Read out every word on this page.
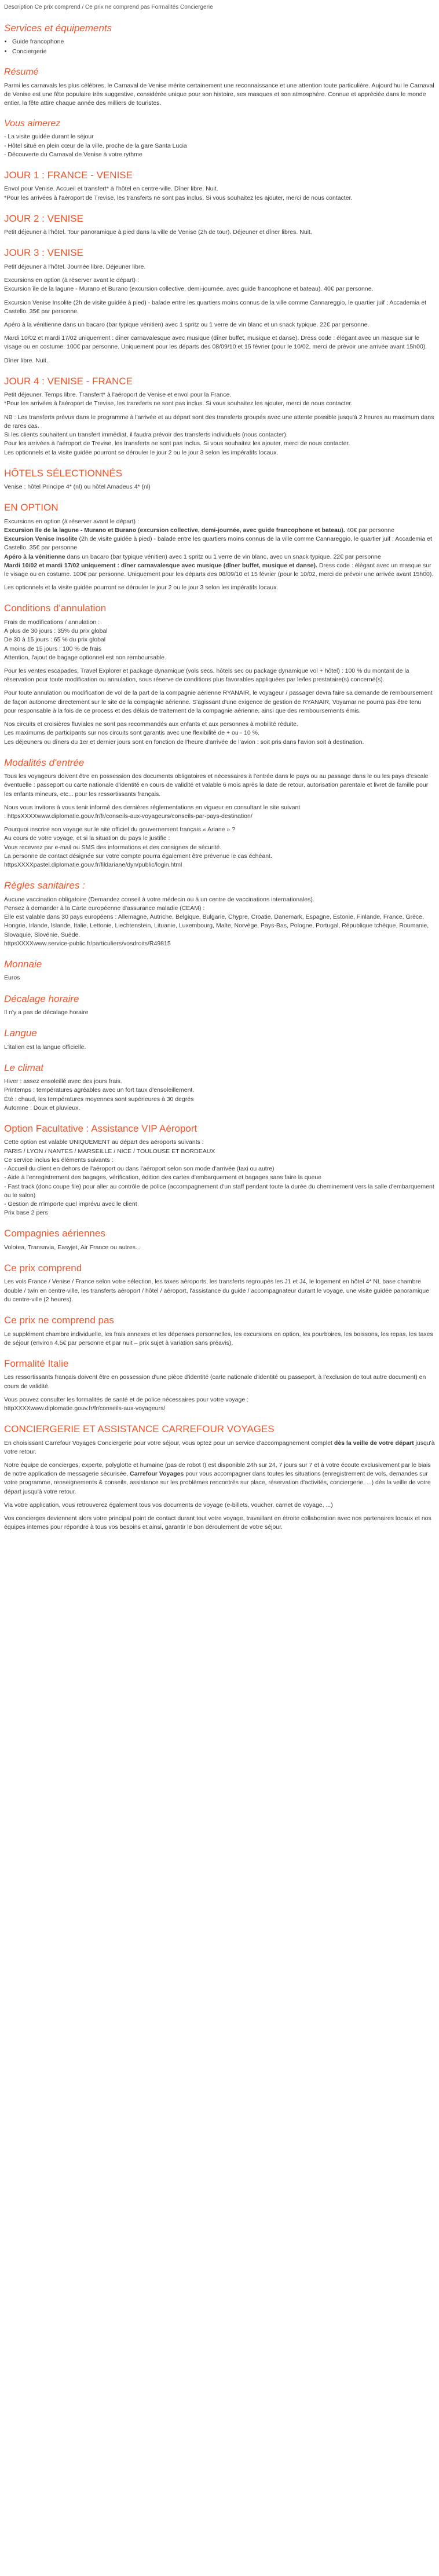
Description Ce prix comprend / Ce prix ne comprend pas Formalités Conciergerie

Services et équipements
• Guide francophone
• Conciergerie
Résumé

Parmi les carnavals les plus célèbres, le Carnaval de Venise mérite certainement une reconnaissance et une attention toute particulière. Aujourd'hui le Carnaval de Venise est une fête populaire très suggestive, considérée unique pour son histoire, ses masques et son atmosphère. Connue et appréciée dans le monde entier, la fête attire chaque année des milliers de touristes.

Vous aimerez

- La visite guidée durant le séjour
- Hôtel situé en plein cœur de la ville, proche de la gare Santa Lucia
- Découverte du Carnaval de Venise à votre rythme

JOUR 1 : FRANCE - VENISE

Envol pour Venise. Accueil et transfert* à l'hôtel en centre-ville. Dîner libre. Nuit.
*Pour les arrivées à l'aéroport de Trevise, les transferts ne sont pas inclus. Si vous souhaitez les ajouter, merci de nous contacter.

JOUR 2 : VENISE

Petit déjeuner à l'hôtel. Tour panoramique à pied dans la ville de Venise (2h de tour). Déjeuner et dîner libres. Nuit.

JOUR 3 : VENISE

Petit déjeuner à l'hôtel. Journée libre. Déjeuner libre.

Excursions en option (à réserver avant le départ) :
Excursion île de la lagune - Murano et Burano (excursion collective, demi-journée, avec guide francophone et bateau). 40€ par personne.

Excursion Venise Insolite (2h de visite guidée à pied) - balade entre les quartiers moins connus de la ville comme Cannareggio, le quartier juif ; Accademia et Castello. 35€ par personne.

Apéro à la vénitienne dans un bacaro (bar typique vénitien) avec 1 spritz ou 1 verre de vin blanc et un snack typique. 22€ par personne.

Mardi 10/02 et mardi 17/02 uniquement : dîner carnavalesque avec musique (dîner buffet, musique et danse). Dress code : élégant avec un masque sur le visage ou en costume. 100€ par personne. Uniquement pour les départs des 08/09/10 et 15 février (pour le 10/02, merci de prévoir une arrivée avant 15h00).

Dîner libre. Nuit.

JOUR 4 : VENISE - FRANCE

Petit déjeuner. Temps libre. Transfert* à l'aéroport de Venise et envol pour la France.
*Pour les arrivées à l'aéroport de Trevise, les transferts ne sont pas inclus. Si vous souhaitez les ajouter, merci de nous contacter.

NB : Les transferts prévus dans le programme à l'arrivée et au départ sont des transferts groupés avec une attente possible jusqu'à 2 heures au maximum dans de rares cas.
Si les clients souhaitent un transfert immédiat, il faudra prévoir des transferts individuels (nous contacter).
Pour les arrivées à l'aéroport de Trevise, les transferts ne sont pas inclus. Si vous souhaitez les ajouter, merci de nous contacter.
Les optionnels et la visite guidée pourront se dérouler le jour 2 ou le jour 3 selon les impératifs locaux.

HÔTELS SÉLECTIONNÉS

Venise : hôtel Principe 4* (nl) ou hôtel Amadeus 4* (nl)

EN OPTION

Excursions en option (à réserver avant le départ) :
Excursion île de la lagune - Murano et Burano (excursion collective, demi-journée, avec guide francophone et bateau). 40€ par personne
Excursion Venise Insolite (2h de visite guidée à pied) - balade entre les quartiers moins connus de la ville comme Cannareggio, le quartier juif ; Accademia et Castello. 35€ par personne
Apéro à la vénitienne dans un bacaro (bar typique vénitien) avec 1 spritz ou 1 verre de vin blanc, avec un snack typique. 22€ par personne
Mardi 10/02 et mardi 17/02 uniquement : dîner carnavalesque avec musique (dîner buffet, musique et danse). Dress code : élégant avec un masque sur le visage ou en costume. 100€ par personne. Uniquement pour les départs des 08/09/10 et 15 février (pour le 10/02, merci de prévoir une arrivée avant 15h00).

Les optionnels et la visite guidée pourront se dérouler le jour 2 ou le jour 3 selon les impératifs locaux.

Conditions d'annulation

Frais de modifications / annulation :
A plus de 30 jours : 35% du prix global
De 30 à 15 jours : 65 % du prix global
A moins de 15 jours : 100 % de frais
Attention, l'ajout de bagage optionnel est non remboursable.

Pour les ventes escapades, Travel Explorer et package dynamique (vols secs, hôtels sec ou package dynamique vol + hôtel) : 100 % du montant de la réservation pour toute modification ou annulation, sous réserve de conditions plus favorables appliquées par le/les prestataire(s) concerné(s).

Pour toute annulation ou modification de vol de la part de la compagnie aérienne RYANAIR, le voyageur / passager devra faire sa demande de remboursement de façon autonome directement sur le site de la compagnie aérienne. S'agissant d'une exigence de gestion de RYANAIR, Voyamar ne pourra pas être tenu pour responsable à la fois de ce process et des délais de traitement de la compagnie aérienne, ainsi que des remboursements émis.

Nos circuits et croisières fluviales ne sont pas recommandés aux enfants et aux personnes à mobilité réduite.
Les maximums de participants sur nos circuits sont garantis avec une flexibilité de + ou - 10 %.
Les déjeuners ou dîners du 1er et dernier jours sont en fonction de l'heure d'arrivée de l'avion : soit pris dans l'avion soit à destination.

Modalités d'entrée

Tous les voyageurs doivent être en possession des documents obligatoires et nécessaires à l'entrée dans le pays ou au passage dans le ou les pays d'escale éventuelle : passeport ou carte nationale d'identité en cours de validité et valable 6 mois après la date de retour, autorisation parentale et livret de famille pour les enfants mineurs, etc... pour les ressortissants français.

Nous vous invitons à vous tenir informé des dernières réglementations en vigueur en consultant le site suivant
: httpsXXXXwww.diplomatie.gouv.fr/fr/conseils-aux-voyageurs/conseils-par-pays-destination/

Pourquoi inscrire son voyage sur le site officiel du gouvernement français « Ariane » ?
Au cours de votre voyage, et si la situation du pays le justifie :
Vous recevrez par e-mail ou SMS des informations et des consignes de sécurité.
La personne de contact désignée sur votre compte pourra également être prévenue le cas échéant.
httpsXXXXpastel.diplomatie.gouv.fr/fildariane/dyn/public/login.html

Règles sanitaires :

Aucune vaccination obligatoire (Demandez conseil à votre médecin ou à un centre de vaccinations internationales).
Pensez à demander à la Carte européenne d'assurance maladie (CEAM) :
Elle est valable dans 30 pays européens : Allemagne, Autriche, Belgique, Bulgarie, Chypre, Croatie, Danemark, Espagne, Estonie, Finlande, France, Grèce, Hongrie, Irlande, Islande, Italie, Lettonie, Liechtenstein, Lituanie, Luxembourg, Malte, Norvège, Pays-Bas, Pologne, Portugal, République tchèque, Roumanie, Slovaquie, Slovénie, Suède.
httpsXXXXwww.service-public.fr/particuliers/vosdroits/R49815

Monnaie

Euros

Décalage horaire

Il n'y a pas de décalage horaire

Langue

L'italien est la langue officielle.

Le climat

Hiver : assez ensoleillé avec des jours frais.
Printemps : températures agréables avec un fort taux d'ensoleillement.
Été : chaud, les températures moyennes sont supérieures à 30 degrés
Automne : Doux et pluvieux.

Option Facultative : Assistance VIP Aéroport

Cette option est valable UNIQUEMENT au départ des aéroports suivants :
PARIS / LYON / NANTES / MARSEILLE / NICE / TOULOUSE ET BORDEAUX
Ce service inclus les éléments suivants :
- Accueil du client en dehors de l'aéroport ou dans l'aéroport selon son mode d'arrivée (taxi ou autre)
- Aide à l'enregistrement des bagages, vérification, édition des cartes d'embarquement et bagages sans faire la queue
- Fast track (donc coupe file) pour aller au contrôle de police (accompagnement d'un staff pendant toute la durée du cheminement vers la salle d'embarquement ou le salon)
- Gestion de n'importe quel imprévu avec le client
Prix base 2 pers

Compagnies aériennes

Volotea, Transavia, Easyjet, Air France ou autres...

Ce prix comprend

Les vols France / Venise / France selon votre sélection, les taxes aéroports, les transferts regroupés les J1 et J4, le logement en hôtel 4* NL base chambre double / twin en centre-ville, les transferts aéroport / hôtel / aéroport, l'assistance du guide / accompagnateur durant le voyage, une visite guidée panoramique du centre-ville (2 heures).

Ce prix ne comprend pas

Le supplément chambre individuelle, les frais annexes et les dépenses personnelles, les excursions en option, les pourboires, les boissons, les repas, les taxes de séjour (environ 4,5€ par personne et par nuit – prix sujet à variation sans préavis).

Formalité Italie

Les ressortissants français doivent être en possession d'une pièce d'identité (carte nationale d'identité ou passeport, à l'exclusion de tout autre document) en cours de validité.

Vous pouvez consulter les formalités de santé et de police nécessaires pour votre voyage :
httpXXXXwww.diplomatie.gouv.fr/fr/conseils-aux-voyageurs/

CONCIERGERIE ET ASSISTANCE CARREFOUR VOYAGES

En choisissant Carrefour Voyages Conciergerie pour votre séjour, vous optez pour un service d'accompagnement complet dès la veille de votre départ jusqu'à votre retour.

Notre équipe de concierges, experte, polyglotte et humaine (pas de robot !) est disponible 24h sur 24, 7 jours sur 7 et à votre écoute exclusivement par le biais de notre application de messagerie sécurisée, Carrefour Voyages pour vous accompagner dans toutes les situations (enregistrement de vols, demandes sur votre programme, renseignements & conseils, assistance sur les problèmes rencontrés sur place, réservation d'activités, conciergerie, ...) dès la veille de votre départ jusqu'à votre retour.

Via votre application, vous retrouverez également tous vos documents de voyage (e-billets, voucher, carnet de voyage, ...)

Vos concierges deviennent alors votre principal point de contact durant tout votre voyage, travaillant en étroite collaboration avec nos partenaires locaux et nos équipes internes pour répondre à tous vos besoins et ainsi, garantir le bon déroulement de votre séjour.
